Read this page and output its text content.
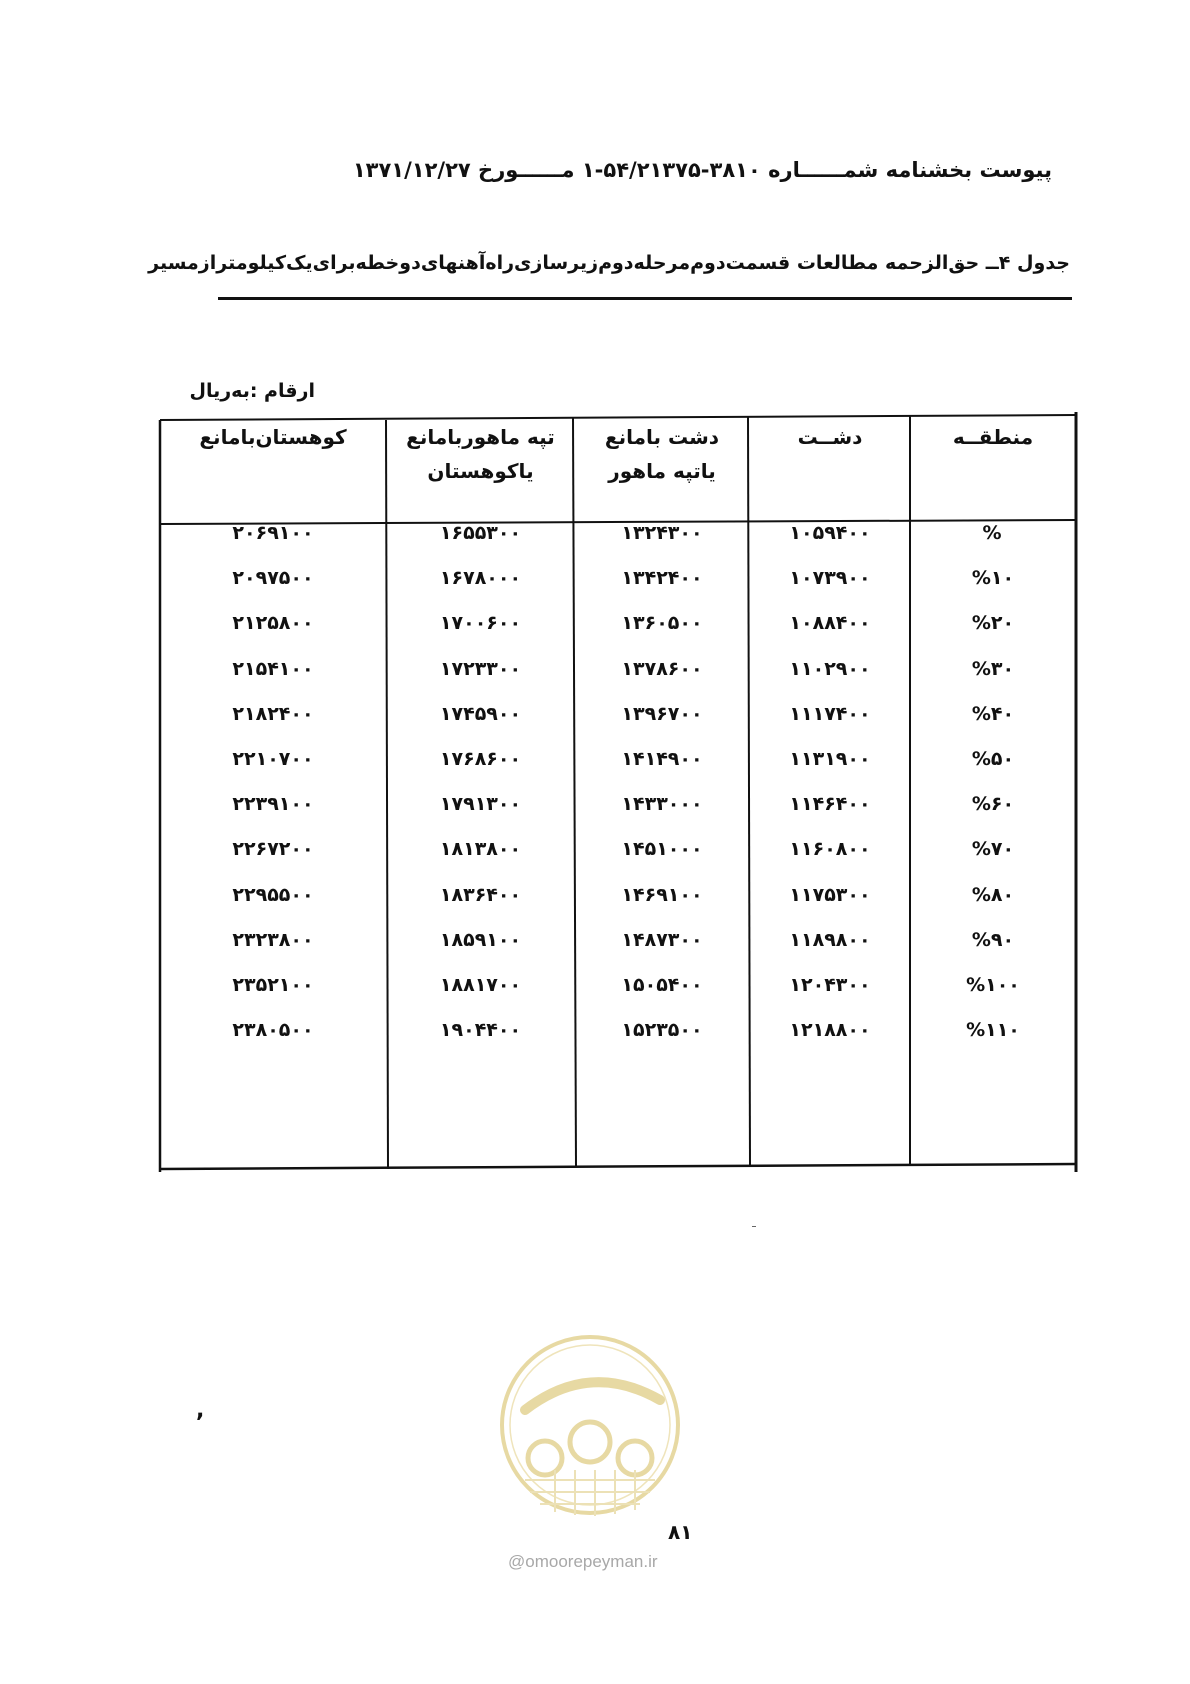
پیوست بخشنامه شمــــــاره ۳۸۱۰-۵۴/۲۱۳۷۵-۱ مــــــورخ ۱۳۷۱/۱۲/۲۷
جدول ۴ــ حق‌الزحمه مطالعات قسمت‌دوم‌مرحله‌دوم‌زیرسازی‌راه‌آهنهای‌دوخطه‌برای‌یک‌کیلومترازمسیر
ارقام :به‌ریال
منطقــه
دشــت
دشت بامانع
یاتپه ماهور
تپه ماهوربامانع
یاکوهستان
کوهستان‌بامانع
%
۱۰۵۹۴۰۰
۱۳۲۴۳۰۰
۱۶۵۵۳۰۰
۲۰۶۹۱۰۰
%۱۰
۱۰۷۳۹۰۰
۱۳۴۲۴۰۰
۱۶۷۸۰۰۰
۲۰۹۷۵۰۰
%۲۰
۱۰۸۸۴۰۰
۱۳۶۰۵۰۰
۱۷۰۰۶۰۰
۲۱۲۵۸۰۰
%۳۰
۱۱۰۲۹۰۰
۱۳۷۸۶۰۰
۱۷۲۳۳۰۰
۲۱۵۴۱۰۰
%۴۰
۱۱۱۷۴۰۰
۱۳۹۶۷۰۰
۱۷۴۵۹۰۰
۲۱۸۲۴۰۰
%۵۰
۱۱۳۱۹۰۰
۱۴۱۴۹۰۰
۱۷۶۸۶۰۰
۲۲۱۰۷۰۰
%۶۰
۱۱۴۶۴۰۰
۱۴۳۳۰۰۰
۱۷۹۱۳۰۰
۲۲۳۹۱۰۰
%۷۰
۱۱۶۰۸۰۰
۱۴۵۱۰۰۰
۱۸۱۳۸۰۰
۲۲۶۷۲۰۰
%۸۰
۱۱۷۵۳۰۰
۱۴۶۹۱۰۰
۱۸۳۶۴۰۰
۲۲۹۵۵۰۰
%۹۰
۱۱۸۹۸۰۰
۱۴۸۷۳۰۰
۱۸۵۹۱۰۰
۲۳۲۳۸۰۰
%۱۰۰
۱۲۰۴۳۰۰
۱۵۰۵۴۰۰
۱۸۸۱۷۰۰
۲۳۵۲۱۰۰
%۱۱۰
۱۲۱۸۸۰۰
۱۵۲۳۵۰۰
۱۹۰۴۴۰۰
۲۳۸۰۵۰۰
,
۸۱
@omoorepeyman.ir
